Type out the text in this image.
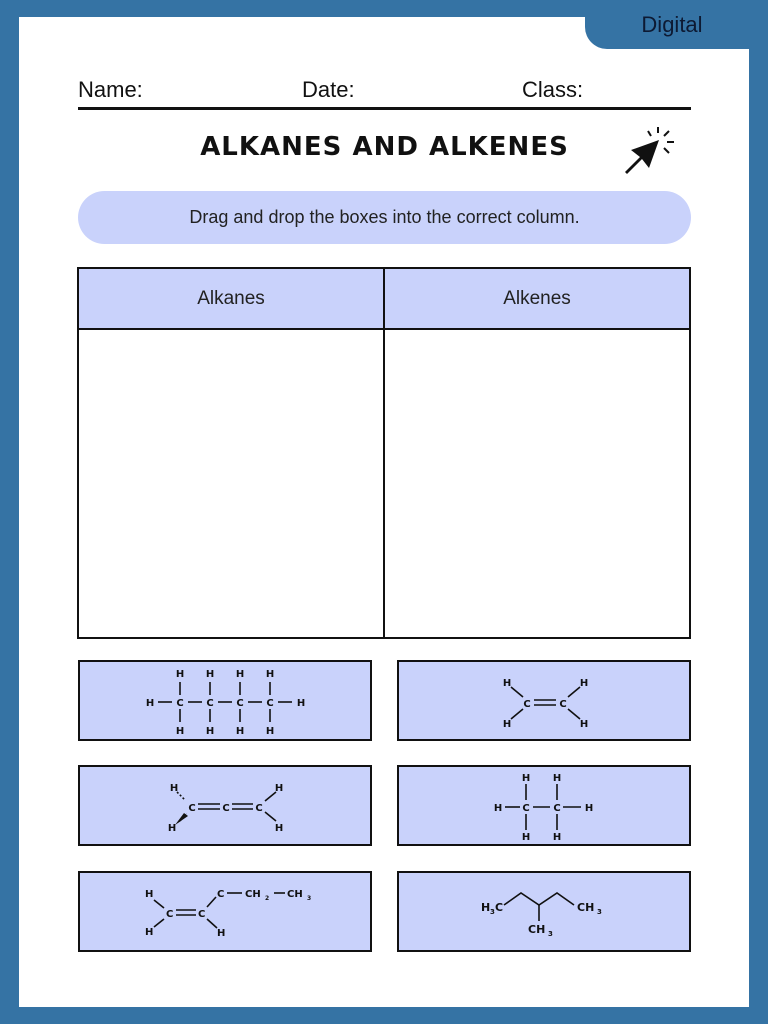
Digital
Name:	Date:	Class:
ALKANES AND ALKENES
Drag and drop the boxes into the correct column.
Alkanes	Alkenes
H C C C C H
H H H H
H H H H
C	C
H
H
H
H
C	C	C
H
H
H
H
H C C H
H H
H H
C C
H
H	H
C CH 2 CH 3
H 3 C	CH 3
CH 3
